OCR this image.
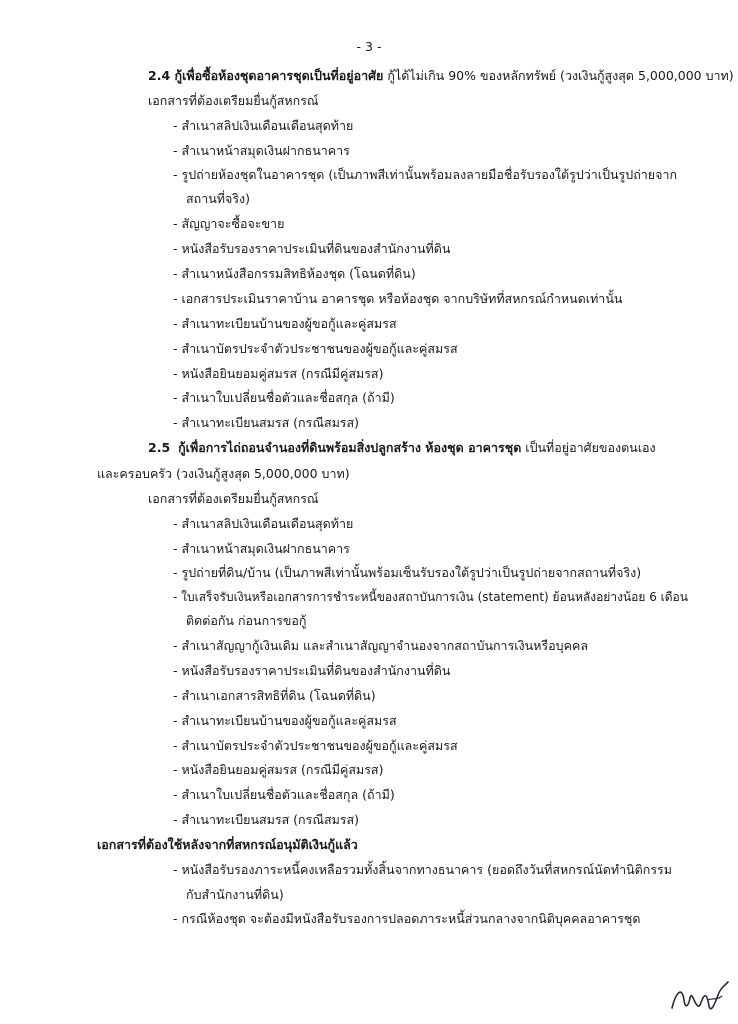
- 3 -
2.4 กู้เพื่อซื้อห้องชุดอาคารชุดเป็นที่อยู่อาศัย กู้ได้ไม่เกิน 90% ของหลักทรัพย์ (วงเงินกู้สูงสุด 5,000,000 บาท)
เอกสารที่ต้องเตรียมยื่นกู้สหกรณ์
- สำเนาสลิปเงินเดือนเดือนสุดท้าย
- สำเนาหน้าสมุดเงินฝากธนาคาร
- รูปถ่ายห้องชุดในอาคารชุด (เป็นภาพสีเท่านั้นพร้อมลงลายมือชื่อรับรองใต้รูปว่าเป็นรูปถ่ายจาก
สถานที่จริง)
- สัญญาจะซื้อจะขาย
- หนังสือรับรองราคาประเมินที่ดินของสำนักงานที่ดิน
- สำเนาหนังสือกรรมสิทธิห้องชุด (โฉนดที่ดิน)
- เอกสารประเมินราคาบ้าน อาคารชุด หรือห้องชุด จากบริษัทที่สหกรณ์กำหนดเท่านั้น
- สำเนาทะเบียนบ้านของผู้ขอกู้และคู่สมรส
- สำเนาบัตรประจำตัวประชาชนของผู้ขอกู้และคู่สมรส
- หนังสือยินยอมคู่สมรส (กรณีมีคู่สมรส)
- สำเนาใบเปลี่ยนชื่อตัวและชื่อสกุล (ถ้ามี)
- สำเนาทะเบียนสมรส (กรณีสมรส)
2.5 กู้เพื่อการไถ่ถอนจำนองที่ดินพร้อมสิ่งปลูกสร้าง ห้องชุด อาคารชุด เป็นที่อยู่อาศัยของตนเอง
และครอบครัว (วงเงินกู้สูงสุด 5,000,000 บาท)
เอกสารที่ต้องเตรียมยื่นกู้สหกรณ์
- สำเนาสลิปเงินเดือนเดือนสุดท้าย
- สำเนาหน้าสมุดเงินฝากธนาคาร
- รูปถ่ายที่ดิน/บ้าน (เป็นภาพสีเท่านั้นพร้อมเซ็นรับรองใต้รูปว่าเป็นรูปถ่ายจากสถานที่จริง)
- ใบเสร็จรับเงินหรือเอกสารการชำระหนี้ของสถาบันการเงิน (statement) ย้อนหลังอย่างน้อย 6 เดือน
ติดต่อกัน ก่อนการขอกู้
- สำเนาสัญญากู้เงินเดิม และสำเนาสัญญาจำนองจากสถาบันการเงินหรือบุคคล
- หนังสือรับรองราคาประเมินที่ดินของสำนักงานที่ดิน
- สำเนาเอกสารสิทธิที่ดิน (โฉนดที่ดิน)
- สำเนาทะเบียนบ้านของผู้ขอกู้และคู่สมรส
- สำเนาบัตรประจำตัวประชาชนของผู้ขอกู้และคู่สมรส
- หนังสือยินยอมคู่สมรส (กรณีมีคู่สมรส)
- สำเนาใบเปลี่ยนชื่อตัวและชื่อสกุล (ถ้ามี)
- สำเนาทะเบียนสมรส (กรณีสมรส)
เอกสารที่ต้องใช้หลังจากที่สหกรณ์อนุมัติเงินกู้แล้ว
- หนังสือรับรองภาระหนี้คงเหลือรวมทั้งสิ้นจากทางธนาคาร (ยอดถึงวันที่สหกรณ์นัดทำนิติกรรม
กับสำนักงานที่ดิน)
- กรณีห้องชุด จะต้องมีหนังสือรับรองการปลอดภาระหนี้ส่วนกลางจากนิติบุคคลอาคารชุด
